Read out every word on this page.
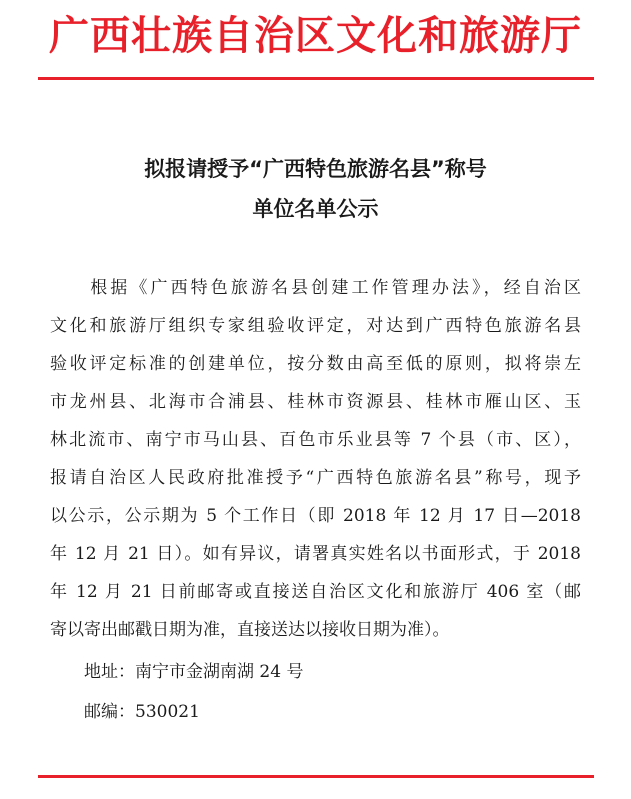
广西壮族自治区文化和旅游厅
拟报请授予“广西特色旅游名县”称号
单位名单公示
　　根据《广西特色旅游名县创建工作管理办法》，经自治区
文化和旅游厅组织专家组验收评定，对达到广西特色旅游名县
验收评定标准的创建单位，按分数由高至低的原则，拟将崇左
市龙州县、北海市合浦县、桂林市资源县、桂林市雁山区、玉
林北流市、南宁市马山县、百色市乐业县等 7 个县（市、区），
报请自治区人民政府批准授予“广西特色旅游名县”称号，现予
以公示，公示期为 5 个工作日（即 2018 年 12 月 17 日—2018
年 12 月 21 日）。如有异议，请署真实姓名以书面形式，于 2018
年 12 月 21 日前邮寄或直接送自治区文化和旅游厅 406 室（邮
寄以寄出邮戳日期为准，直接送达以接收日期为准）。
地址：南宁市金湖南湖 24 号
邮编：530021
